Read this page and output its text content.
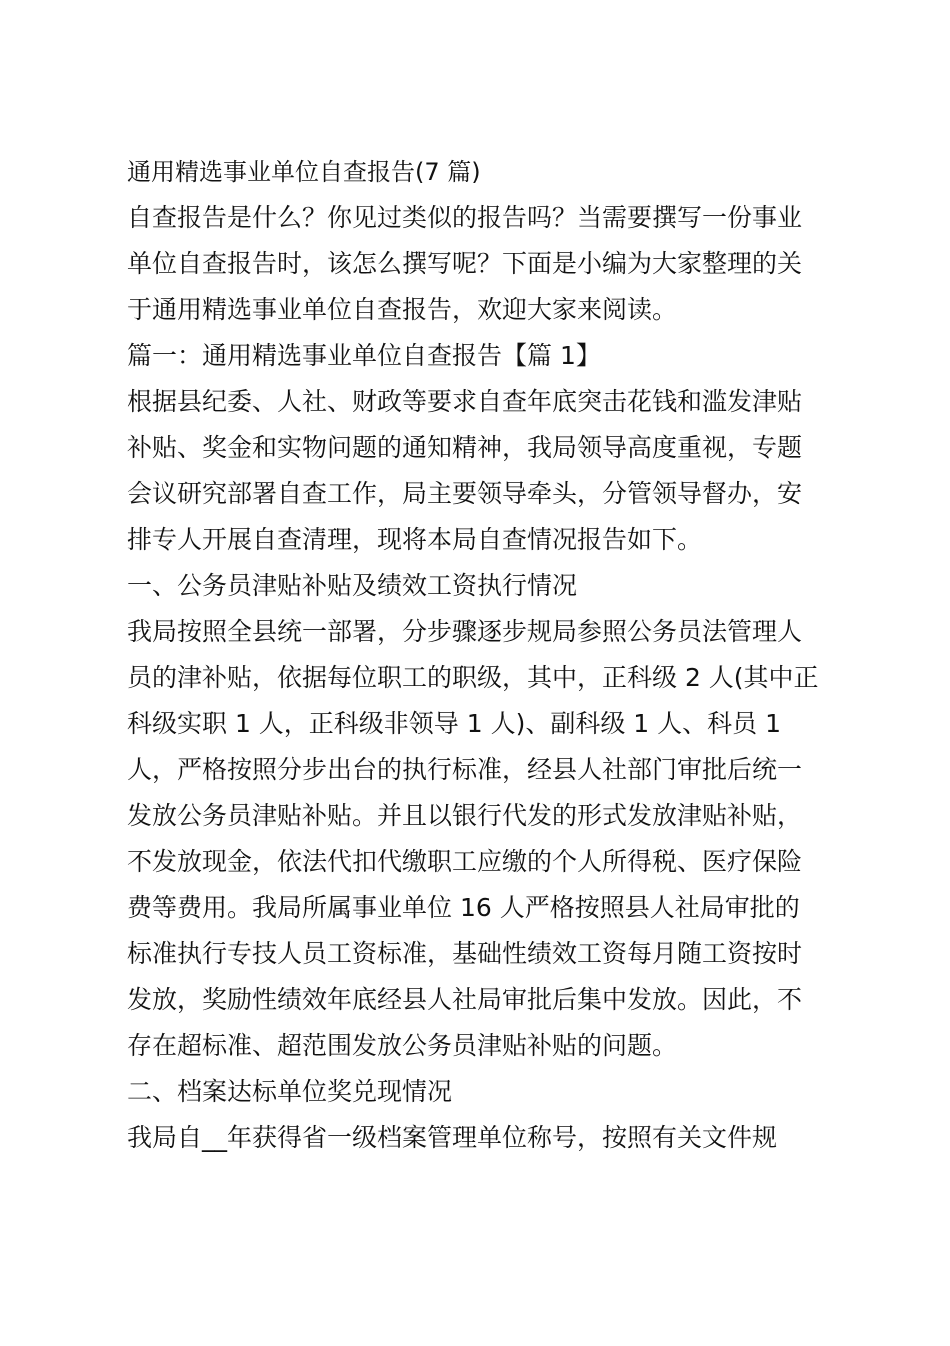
通用精选事业单位自查报告(7 篇)

自查报告是什么？你见过类似的报告吗？当需要撰写一份事业

单位自查报告时，该怎么撰写呢？下面是小编为大家整理的关

于通用精选事业单位自查报告，欢迎大家来阅读。

篇一：通用精选事业单位自查报告【篇 1】

根据县纪委、人社、财政等要求自查年底突击花钱和滥发津贴

补贴、奖金和实物问题的通知精神，我局领导高度重视，专题

会议研究部署自查工作，局主要领导牵头，分管领导督办，安

排专人开展自查清理，现将本局自查情况报告如下。

一、公务员津贴补贴及绩效工资执行情况

我局按照全县统一部署，分步骤逐步规局参照公务员法管理人

员的津补贴，依据每位职工的职级，其中，正科级 2 人(其中正

科级实职 1 人，正科级非领导 1 人)、副科级 1 人、科员 1

人，严格按照分步出台的执行标准，经县人社部门审批后统一

发放公务员津贴补贴。并且以银行代发的形式发放津贴补贴，

不发放现金，依法代扣代缴职工应缴的个人所得税、医疗保险

费等费用。我局所属事业单位 16 人严格按照县人社局审批的

标准执行专技人员工资标准，基础性绩效工资每月随工资按时

发放，奖励性绩效年底经县人社局审批后集中发放。因此，不

存在超标准、超范围发放公务员津贴补贴的问题。

二、档案达标单位奖兑现情况

我局自__年获得省一级档案管理单位称号，按照有关文件规
